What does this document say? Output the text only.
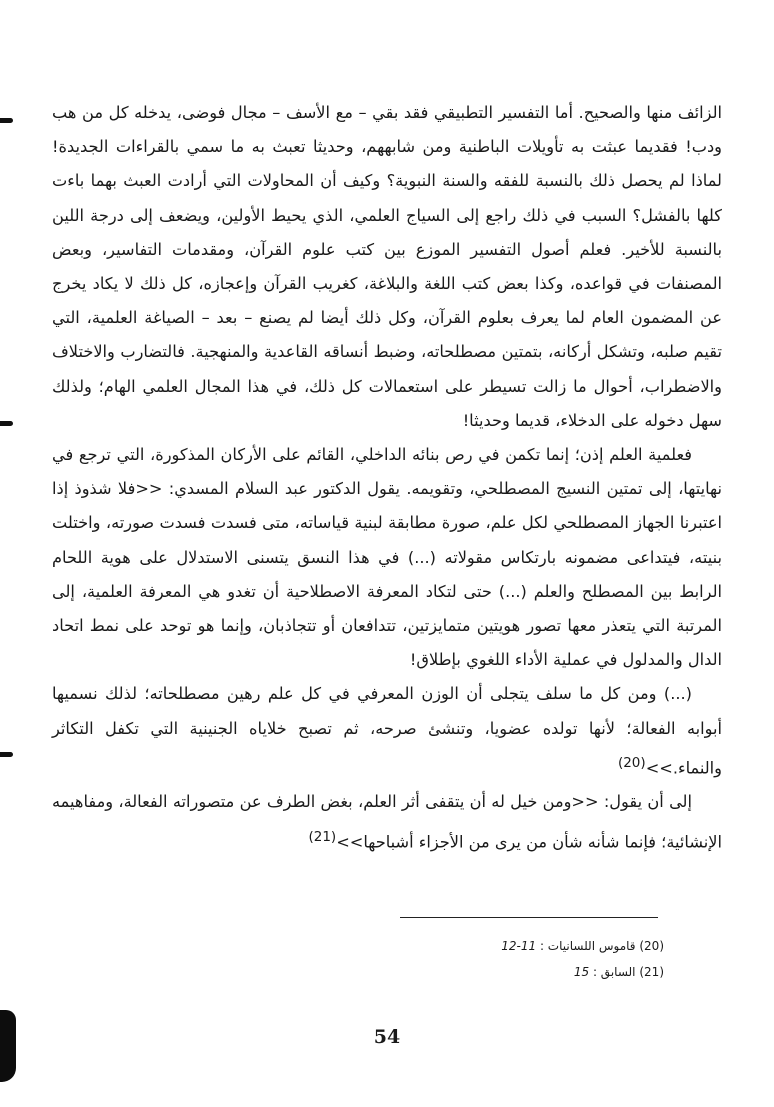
الزائف منها والصحيح. أما التفسير التطبيقي فقد بقي – مع الأسف – مجال فوضى، يدخله كل من هب ودب! فقديما عبثت به تأويلات الباطنية ومن شابههم، وحديثا تعبث به ما سمي بالقراءات الجديدة! لماذا لم يحصل ذلك بالنسبة للفقه والسنة النبوية؟ وكيف أن المحاولات التي أرادت العبث بهما باءت كلها بالفشل؟ السبب في ذلك راجع إلى السياج العلمي، الذي يحيط الأولين، ويضعف إلى درجة اللين بالنسبة للأخير. فعلم أصول التفسير الموزع بين كتب علوم القرآن، ومقدمات التفاسير، وبعض المصنفات في قواعده، وكذا بعض كتب اللغة والبلاغة، كغريب القرآن وإعجازه، كل ذلك لا يكاد يخرج عن المضمون العام لما يعرف بعلوم القرآن، وكل ذلك أيضا لم يصنع – بعد – الصياغة العلمية، التي تقيم صلبه، وتشكل أركانه، بتمتين مصطلحاته، وضبط أنساقه القاعدية والمنهجية. فالتضارب والاختلاف والاضطراب، أحوال ما زالت تسيطر على استعمالات كل ذلك، في هذا المجال العلمي الهام؛ ولذلك سهل دخوله على الدخلاء، قديما وحديثا!

فعلمية العلم إذن؛ إنما تكمن في رص بنائه الداخلي، القائم على الأركان المذكورة، التي ترجع في نهايتها، إلى تمتين النسيج المصطلحي، وتقويمه. يقول الدكتور عبد السلام المسدي: <<فلا شذوذ إذا اعتبرنا الجهاز المصطلحي لكل علم، صورة مطابقة لبنية قياساته، متى فسدت فسدت صورته، واختلت بنيته، فيتداعى مضمونه بارتكاس مقولاته (...) في هذا النسق يتسنى الاستدلال على هوية اللحام الرابط بين المصطلح والعلم (...) حتى لتكاد المعرفة الاصطلاحية أن تغدو هي المعرفة العلمية، إلى المرتبة التي يتعذر معها تصور هويتين متمايزتين، تتدافعان أو تتجاذبان، وإنما هو توحد على نمط اتحاد الدال والمدلول في عملية الأداء اللغوي بإطلاق!

(...) ومن كل ما سلف يتجلى أن الوزن المعرفي في كل علم رهين مصطلحاته؛ لذلك نسميها أبوابه الفعالة؛ لأنها تولده عضويا، وتنشئ صرحه، ثم تصبح خلاياه الجنينية التي تكفل التكاثر والنماء.>>$^{(20)}$

إلى أن يقول: <<ومن خيل له أن يتقفى أثر العلم، بغض الطرف عن متصوراته الفعالة، ومفاهيمه الإنشائية؛ فإنما شأنه شأن من يرى من الأجزاء أشباحها>>$^{(21)}$

(20) قاموس اللسانيات : 11-12
(21) السابق : 15
54
